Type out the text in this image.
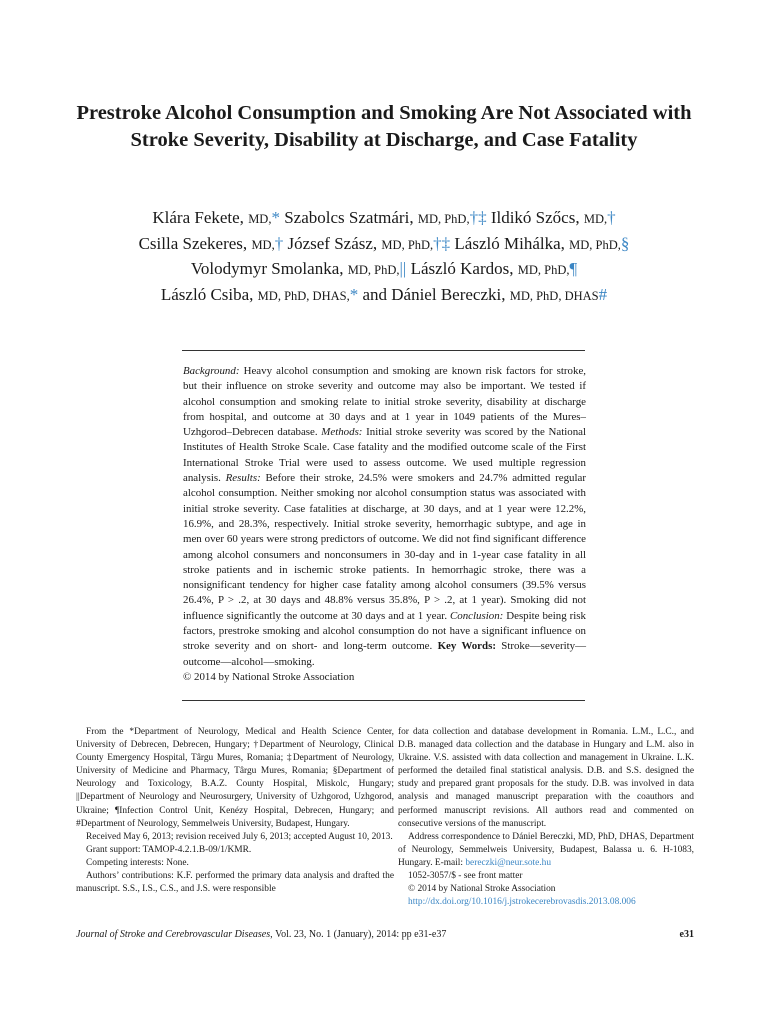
Prestroke Alcohol Consumption and Smoking Are Not Associated with Stroke Severity, Disability at Discharge, and Case Fatality
Klára Fekete, MD,* Szabolcs Szatmári, MD, PhD,†‡ Ildikó Szőcs, MD,†
Csilla Szekeres, MD,† József Szász, MD, PhD,†‡ László Mihálka, MD, PhD,§
Volodymyr Smolanka, MD, PhD,|| László Kardos, MD, PhD,¶
László Csiba, MD, PhD, DHAS,* and Dániel Bereczki, MD, PhD, DHAS#

Background: Heavy alcohol consumption and smoking are known risk factors for stroke, but their influence on stroke severity and outcome may also be important. We tested if alcohol consumption and smoking relate to initial stroke severity, disability at discharge from hospital, and outcome at 30 days and at 1 year in 1049 patients of the Mures–Uzhgorod–Debrecen database. Methods: Initial stroke severity was scored by the National Institutes of Health Stroke Scale. Case fatality and the modified outcome scale of the First International Stroke Trial were used to assess outcome. We used multiple regression analysis. Results: Before their stroke, 24.5% were smokers and 24.7% admitted regular alcohol consumption. Neither smoking nor alcohol consumption status was associated with initial stroke severity. Case fatalities at discharge, at 30 days, and at 1 year were 12.2%, 16.9%, and 28.3%, respectively. Initial stroke severity, hemorrhagic subtype, and age in men over 60 years were strong predictors of outcome. We did not find significant difference among alcohol consumers and nonconsumers in 30-day and in 1-year case fatality in all stroke patients and in ischemic stroke patients. In hemorrhagic stroke, there was a nonsignificant tendency for higher case fatality among alcohol consumers (39.5% versus 26.4%, P > .2, at 30 days and 48.8% versus 35.8%, P > .2, at 1 year). Smoking did not influence significantly the outcome at 30 days and at 1 year. Conclusion: Despite being risk factors, prestroke smoking and alcohol consumption do not have a significant influence on stroke severity and on short- and long-term outcome. Key Words: Stroke—severity—outcome—alcohol—smoking.

© 2014 by National Stroke Association

From the *Department of Neurology, Medical and Health Science Center, University of Debrecen, Debrecen, Hungary; †Department of Neurology, Clinical County Emergency Hospital, Târgu Mures, Romania; ‡Department of Neurology, University of Medicine and Pharmacy, Târgu Mures, Romania; §Department of Neurology and Toxicology, B.A.Z. County Hospital, Miskolc, Hungary; ||Department of Neurology and Neurosurgery, University of Uzhgorod, Uzhgorod, Ukraine; ¶Infection Control Unit, Kenézy Hospital, Debrecen, Hungary; and #Department of Neurology, Semmelweis University, Budapest, Hungary.

Received May 6, 2013; revision received July 6, 2013; accepted August 10, 2013.

Grant support: TAMOP-4.2.1.B-09/1/KMR.

Competing interests: None.

Authors’ contributions: K.F. performed the primary data analysis and drafted the manuscript. S.S., I.S., C.S., and J.S. were responsible

for data collection and database development in Romania. L.M., L.C., and D.B. managed data collection and the database in Hungary and L.M. also in Ukraine. V.S. assisted with data collection and management in Ukraine. L.K. performed the detailed final statistical analysis. D.B. and S.S. designed the study and prepared grant proposals for the study. D.B. was involved in data analysis and managed manuscript preparation with the coauthors and performed manuscript revisions. All authors read and commented on consecutive versions of the manuscript.

Address correspondence to Dániel Bereczki, MD, PhD, DHAS, Department of Neurology, Semmelweis University, Budapest, Balassa u. 6. H-1083, Hungary. E-mail: bereczki@neur.sote.hu

1052-3057/$ - see front matter

© 2014 by National Stroke Association

http://dx.doi.org/10.1016/j.jstrokecerebrovasdis.2013.08.006

Journal of Stroke and Cerebrovascular Diseases, Vol. 23, No. 1 (January), 2014: pp e31-e37	e31
